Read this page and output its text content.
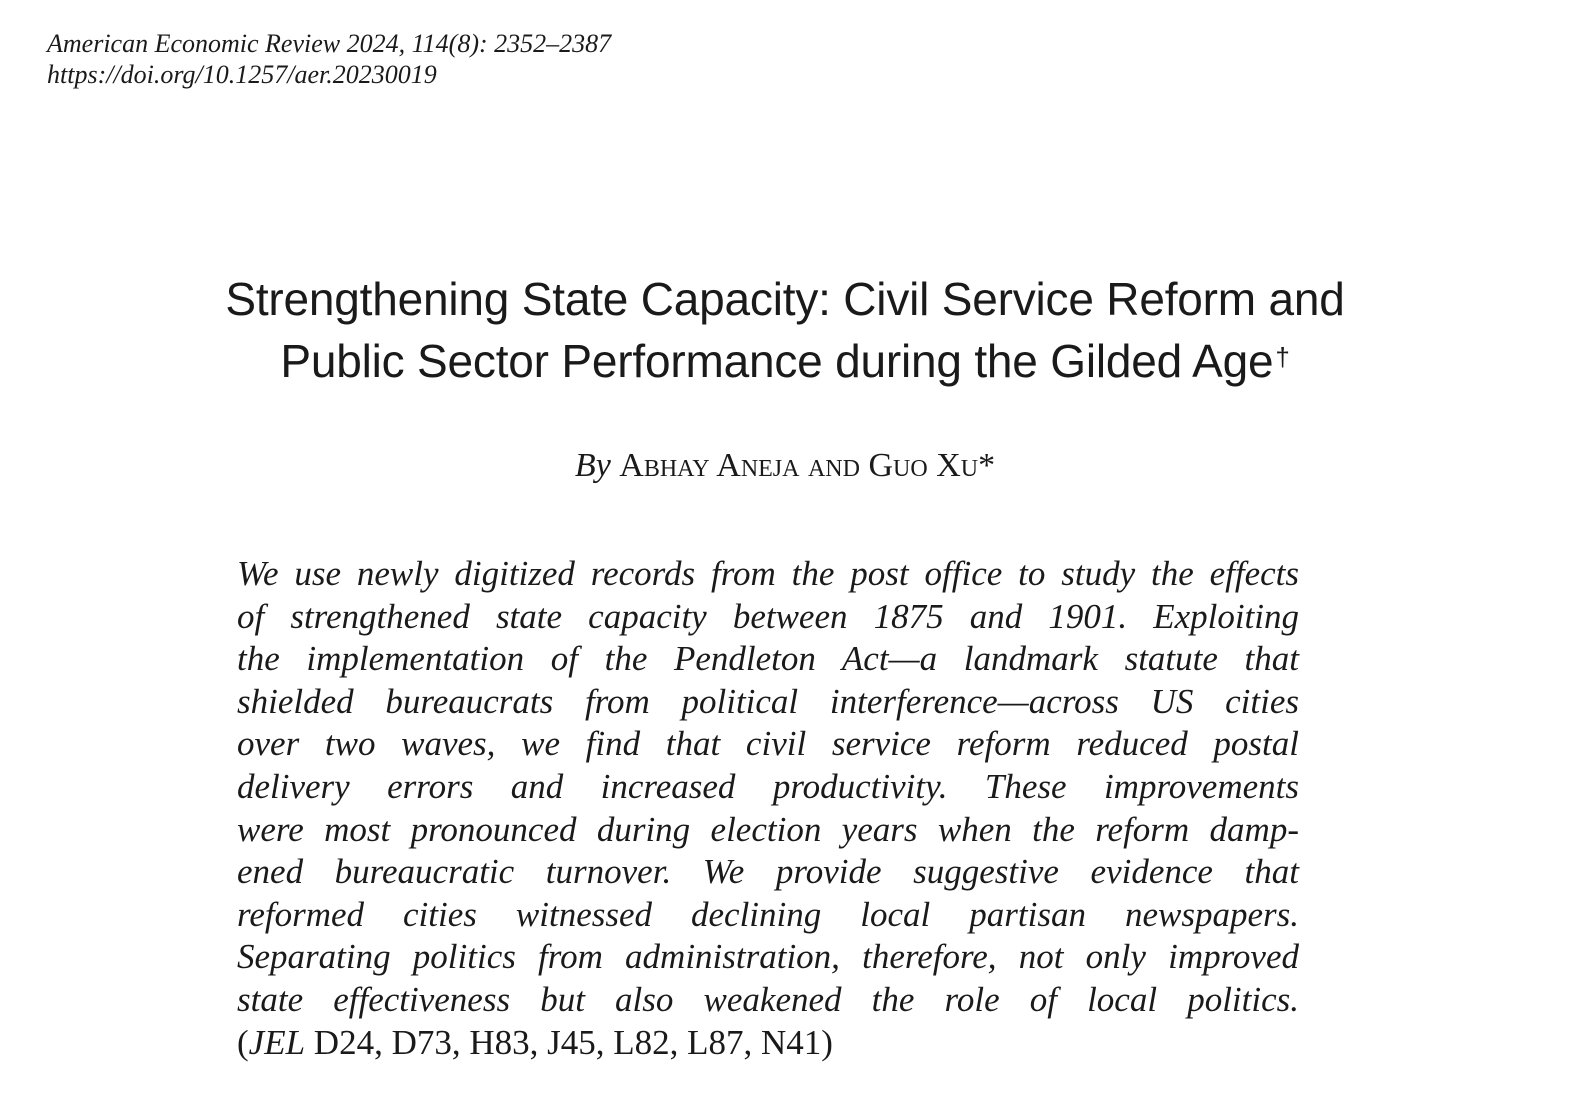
American Economic Review 2024, 114(8): 2352–2387
https://doi.org/10.1257/aer.20230019
Strengthening State Capacity: Civil Service Reform and
Public Sector Performance during the Gilded Age†
By Abhay Aneja and Guo Xu*
We use newly digitized records from the post office to study the effects
of strengthened state capacity between 1875 and 1901. Exploiting
the implementation of the Pendleton Act—a landmark statute that
shielded bureaucrats from political interference—across US cities
over two waves, we find that civil service reform reduced postal
delivery errors and increased productivity. These improvements
were most pronounced during election years when the reform damp-
ened bureaucratic turnover. We provide suggestive evidence that
reformed cities witnessed declining local partisan newspapers.
Separating politics from administration, therefore, not only improved
state effectiveness but also weakened the role of local politics.
(JEL D24, D73, H83, J45, L82, L87, N41)
